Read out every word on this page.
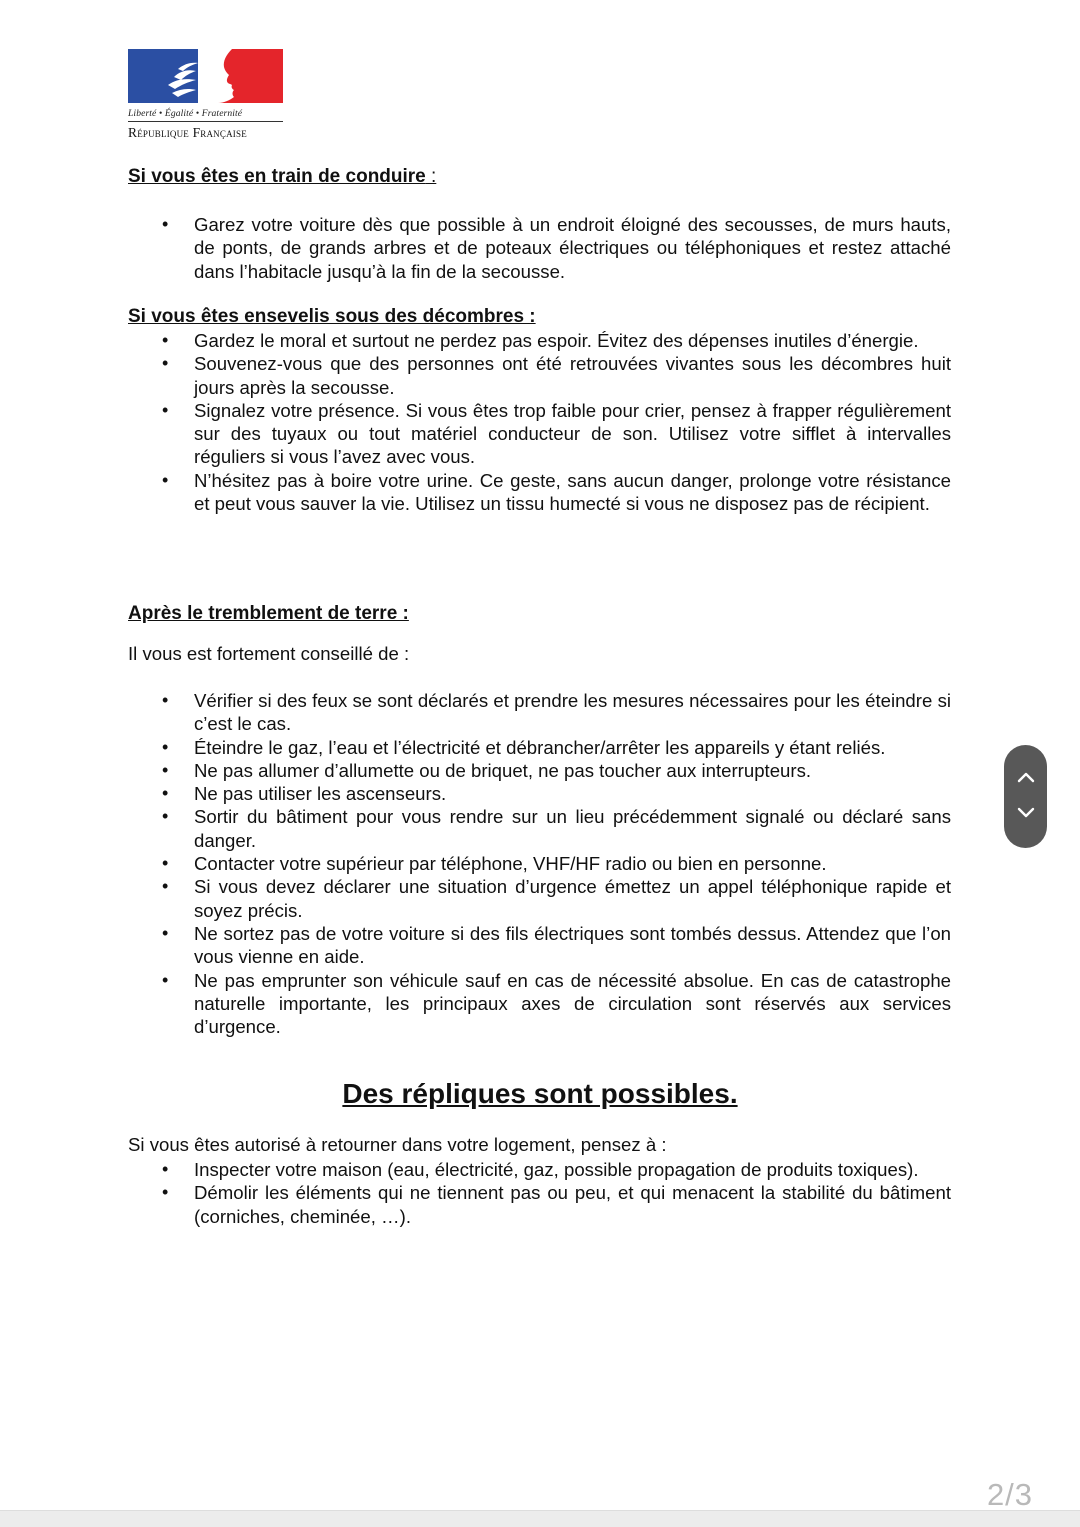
Liberté • Égalité • Fraternité
République Française
Si vous êtes en train de conduire :
• Garez votre voiture dès que possible à un endroit éloigné des secousses, de murs hauts, de ponts, de grands arbres et de poteaux électriques ou téléphoniques et restez attaché dans l’habitacle jusqu’à la fin de la secousse.
Si vous êtes ensevelis sous des décombres :
• Gardez le moral et surtout ne perdez pas espoir. Évitez des dépenses inutiles d’énergie.
• Souvenez-vous que des personnes ont été retrouvées vivantes sous les décombres huit jours après la secousse.
• Signalez votre présence. Si vous êtes trop faible pour crier, pensez à frapper régulièrement sur des tuyaux ou tout matériel conducteur de son. Utilisez votre sifflet à intervalles réguliers si vous l’avez avec vous.
• N’hésitez pas à boire votre urine. Ce geste, sans aucun danger, prolonge votre résistance et peut vous sauver la vie. Utilisez un tissu humecté si vous ne disposez pas de récipient.
Après le tremblement de terre :
Il vous est fortement conseillé de :
• Vérifier si des feux se sont déclarés et prendre les mesures nécessaires pour les éteindre si c’est le cas.
• Éteindre le gaz, l’eau et l’électricité et débrancher/arrêter les appareils y étant reliés.
• Ne pas allumer d’allumette ou de briquet, ne pas toucher aux interrupteurs.
• Ne pas utiliser les ascenseurs.
• Sortir du bâtiment pour vous rendre sur un lieu précédemment signalé ou déclaré sans danger.
• Contacter votre supérieur par téléphone, VHF/HF radio ou bien en personne.
• Si vous devez déclarer une situation d’urgence émettez un appel téléphonique rapide et soyez précis.
• Ne sortez pas de votre voiture si des fils électriques sont tombés dessus. Attendez que l’on vous vienne en aide.
• Ne pas emprunter son véhicule sauf en cas de nécessité absolue. En cas de catastrophe naturelle importante, les principaux axes de circulation sont réservés aux services d’urgence.
Des répliques sont possibles.
Si vous êtes autorisé à retourner dans votre logement, pensez à :
• Inspecter votre maison (eau, électricité, gaz, possible propagation de produits toxiques).
• Démolir les éléments qui ne tiennent pas ou peu, et qui menacent la stabilité du bâtiment (corniches, cheminée, …).
2/3
